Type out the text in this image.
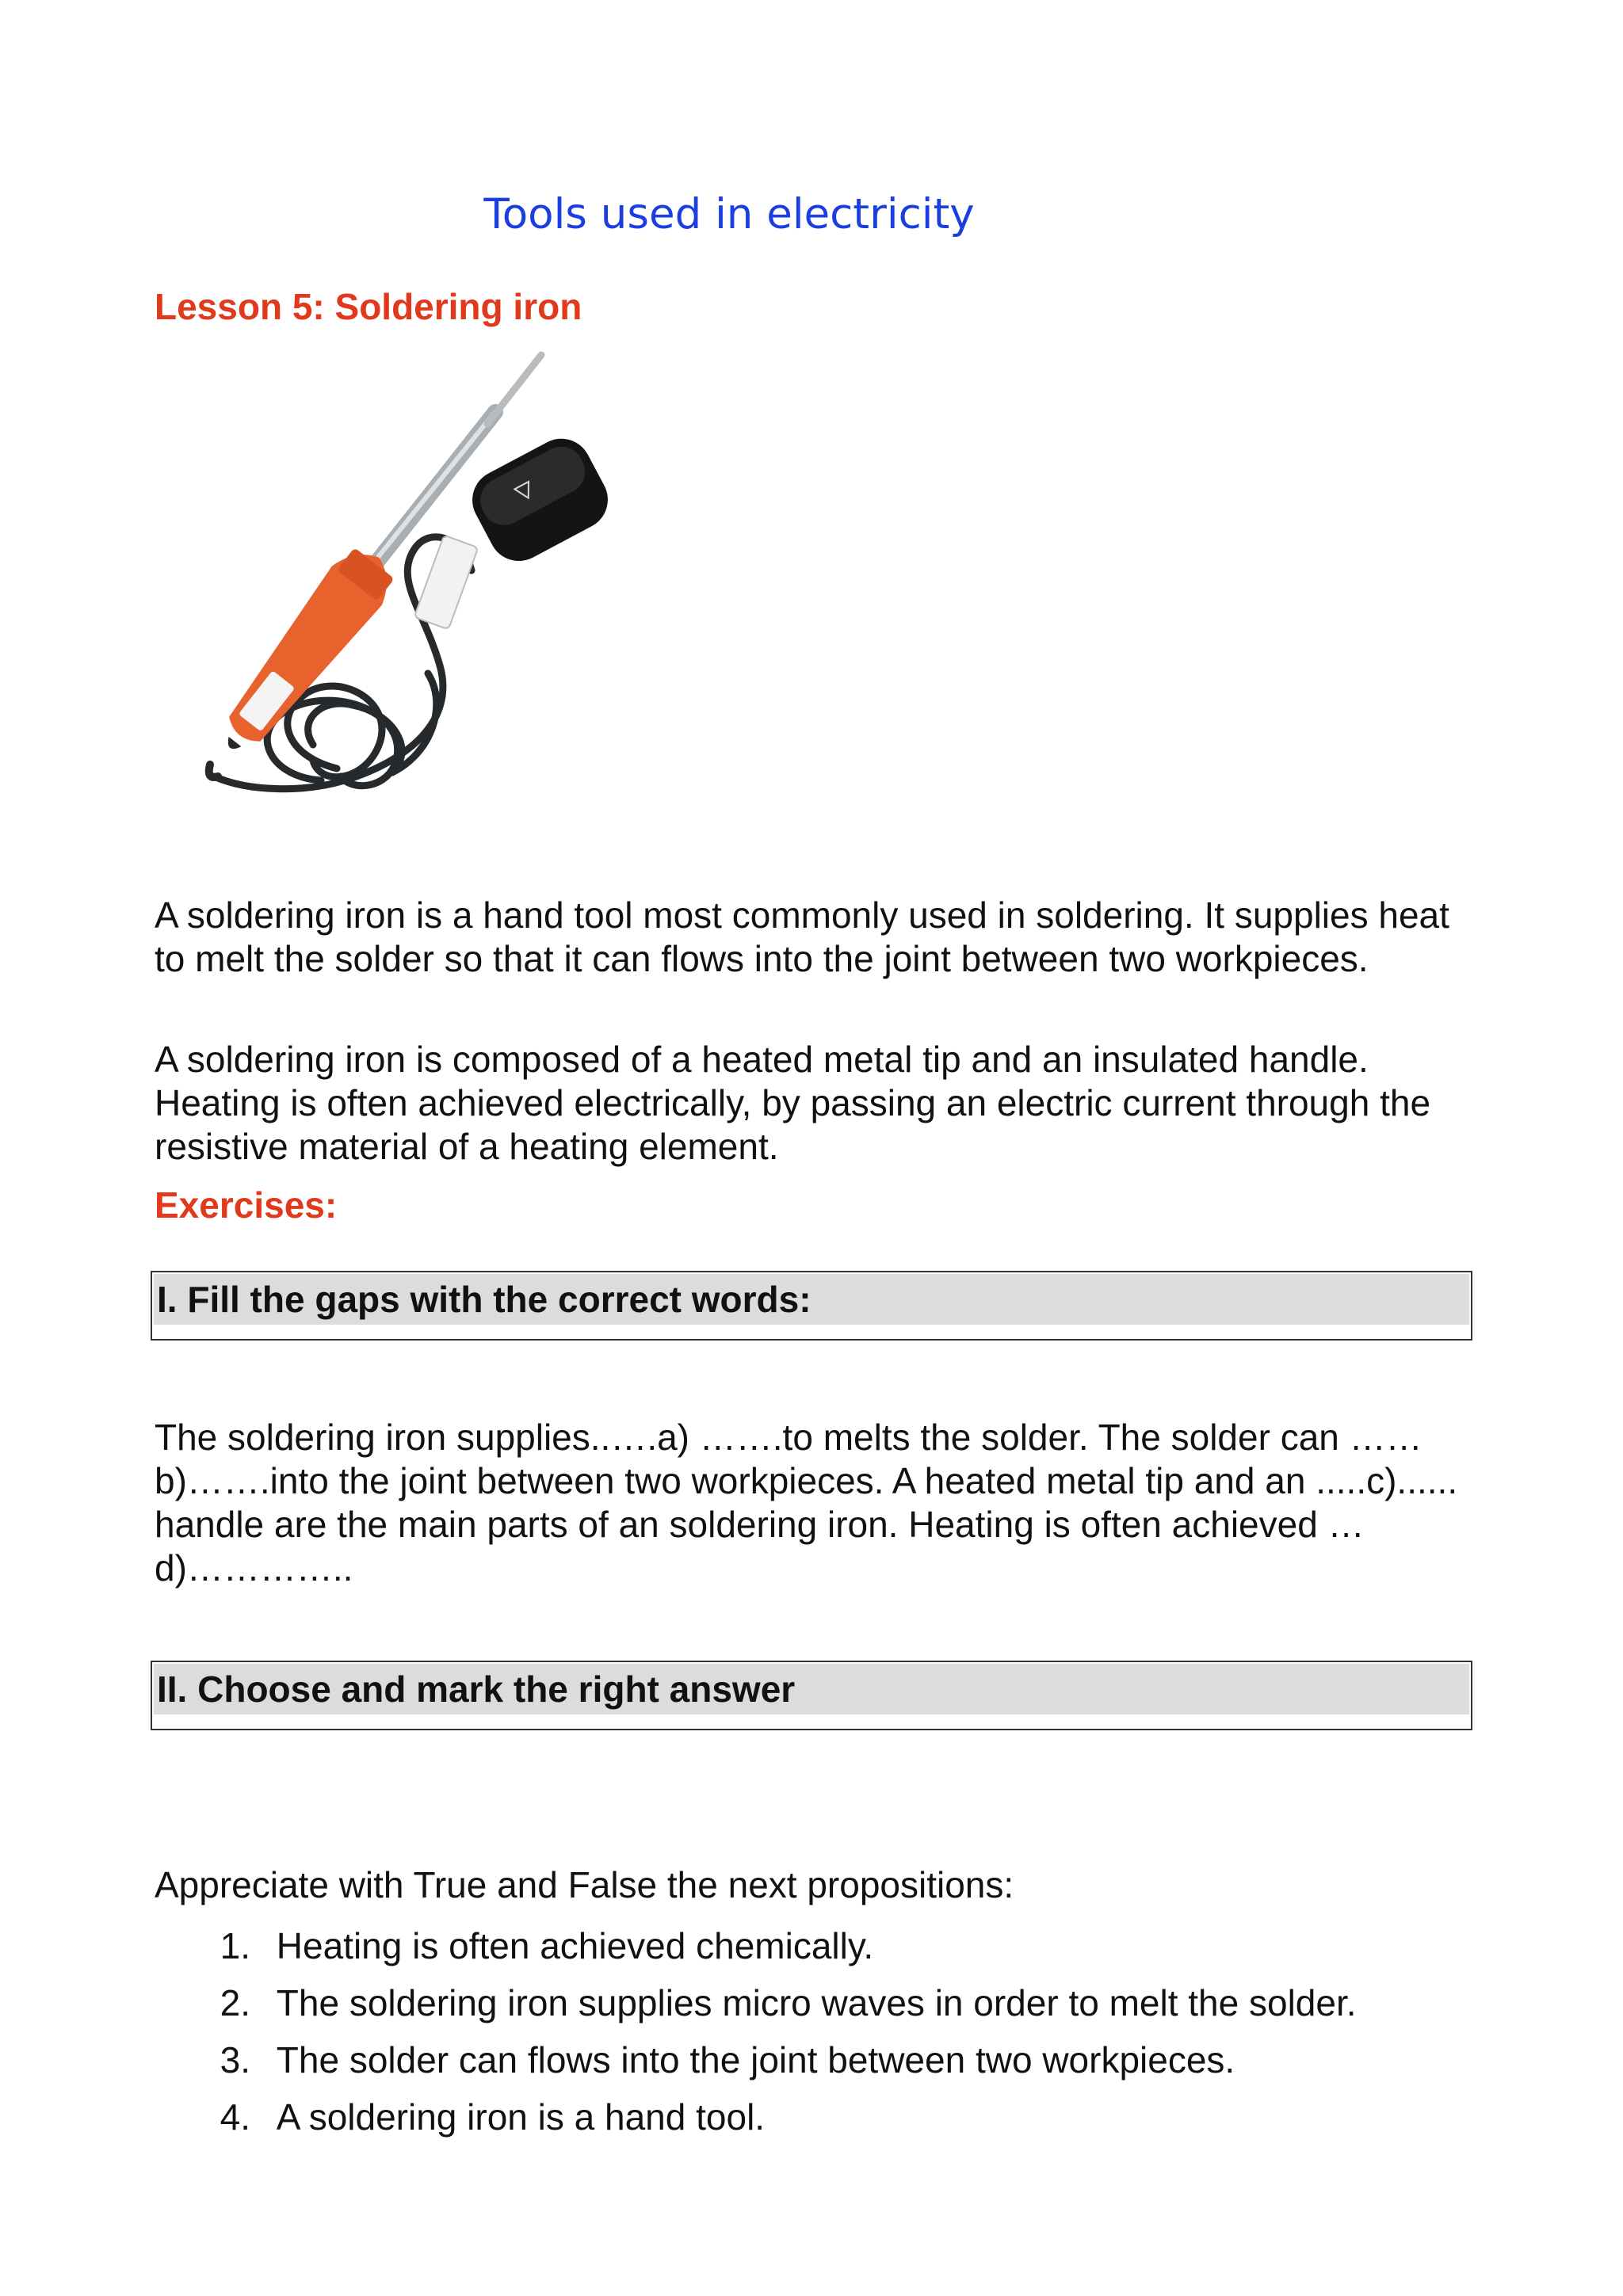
Tools used in electricity
Lesson 5: Soldering iron

A soldering iron is a hand tool most commonly used in soldering. It supplies heat to melt the solder so that it can flows into the joint between two workpieces.

A soldering iron is composed of a heated metal tip and an insulated handle. Heating is often achieved electrically, by passing an electric current through the resistive material of a heating element.

Exercises:
I. Fill the gaps with the correct words:

The soldering iron supplies..….a) …….to melts the solder. The solder can ……b)…….into the joint between two workpieces. A heated metal tip and an .....c)...... handle are the main parts of an soldering iron. Heating is often achieved …d)…………..

II. Choose and mark the right answer

Appreciate with True and False the next propositions:

1. Heating is often achieved chemically.
2. The soldering iron supplies micro waves in order to melt the solder.
3. The solder can flows into the joint between two workpieces.
4. A soldering iron is a hand tool.
